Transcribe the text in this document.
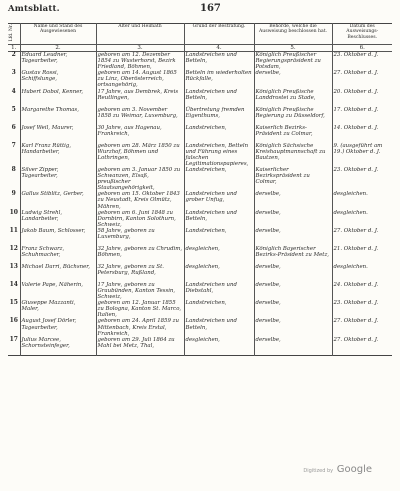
Amtsblatt.	167
Lfd. Nr.	Name und Stand des Ausgewiesenen	Alter und Heimath	Grund der Bestrafung.	Behörde, welche die Ausweisung beschlossen hat.	Datum des Ausweisungs-Beschlusses.
1.	2.	3.	4.	5.	6.
2	Eduard Leudner, Tagearbeiter,	geboren am 12. Dezember 1854 zu Wusterhorst, Bezirk Friedland, Böhmen,	Landstreichen und Betteln,	Königlich Preußischer Regierungspräsident zu Potsdam,	23. Oktober d. J.
3	Gustav Rossi, Schiffslunge,	geboren am 14. August 1865 zu Linz, Oberösterreich, ortsangehörig,	Betteln im wiederholten Rückfalle,	derselbe,	27. Oktober d. J.
4	Hubert Dobol, Kenner,	17 Jahre, aus Dembrek, Kreis Reutlingen,	Landstreichen und Betteln,	Königlich Preußische Landdrostei zu Stade,	20. Oktober d. J.
5	Margarethe Thomas,	geboren am 3. November 1858 zu Weimar, Luxemburg,	Übertretung fremden Eigenthums,	Königlich Preußische Regierung zu Düsseldorf,	17. Oktober d. J.
6	Josef Weil, Maurer,	30 Jahre, aus Hagenau, Frankreich,	Landstreichen,	Kaiserlich Bezirks-Präsident zu Colmar,	14. Oktober d. J.
7	Karl Franz Rüttig, Handarbeiter,	geboren am 28. März 1850 zu Wurzhof, Böhmen und Lothringen,	Landstreichen, Betteln und Führung eines falschen Legitimationspapieres,	Königlich Sächsische Kreishauptmannschaft zu Bautzen,	9. (ausgeführt am 19.) Oktober d. J.
8	Silver Zipper, Tagearbeiter,	geboren am 3. Januar 1850 zu Schwanzen, Elsaß, preußischer Staatsangehörigkeit,	Landstreichen,	Kaiserlicher Bezirkspräsident zu Colmar,	23. Oktober d. J.
9	Gallus Stiblitz, Gerber,	geboren am 15. Oktober 1843 zu Neustadt, Kreis Olmütz, Mähren,	Landstreichen und grober Unfug,	derselbe,	desgleichen.
10	Ludwig Strehl, Landarbeiter,	geboren am 6. Juni 1848 zu Dornbirn, Kanton Solothurn, Schweiz,	Landstreichen und Betteln,	derselbe,	desgleichen.
11	Jakob Baum, Schlosser,	58 Jahre, geboren zu Luxemburg,	Landstreichen,	derselbe,	27. Oktober d. J.
12	Franz Schwarz, Schuhmacher,	32 Jahre, geboren zu Chrudim, Böhmen,	desgleichen,	Königlich Bayerischer Bezirks-Präsident zu Metz,	21. Oktober d. J.
13	Michael Darri, Büchsner,	32 Jahre, geboren zu St. Petersburg, Rußland,	desgleichen,	derselbe,	desgleichen.
14	Valerie Pape, Näherin,	17 Jahre, geboren zu Graubünden, Kanton Tessin, Schweiz,	Landstreichen und Diebstahl,	derselbe,	24. Oktober d. J.
15	Giuseppe Mazzanti, Maler,	geboren am 12. Januar 1855 zu Bologna, Kanton St. Marco, Italien,	Landstreichen,	derselbe,	23. Oktober d. J.
16	August Josef Dörler, Tagearbeiter,	geboren am 24. April 1859 zu Mittenbach, Kreis Erstal, Frankreich,	Landstreichen und Betteln,	derselbe,	27. Oktober d. J.
17	Julius Marcee, Schornsteinfeger,	geboren am 29. Juli 1864 zu Mahl bei Metz, Thal,	desgleichen,	derselbe,	27. Oktober d. J.
Digitized by Google
